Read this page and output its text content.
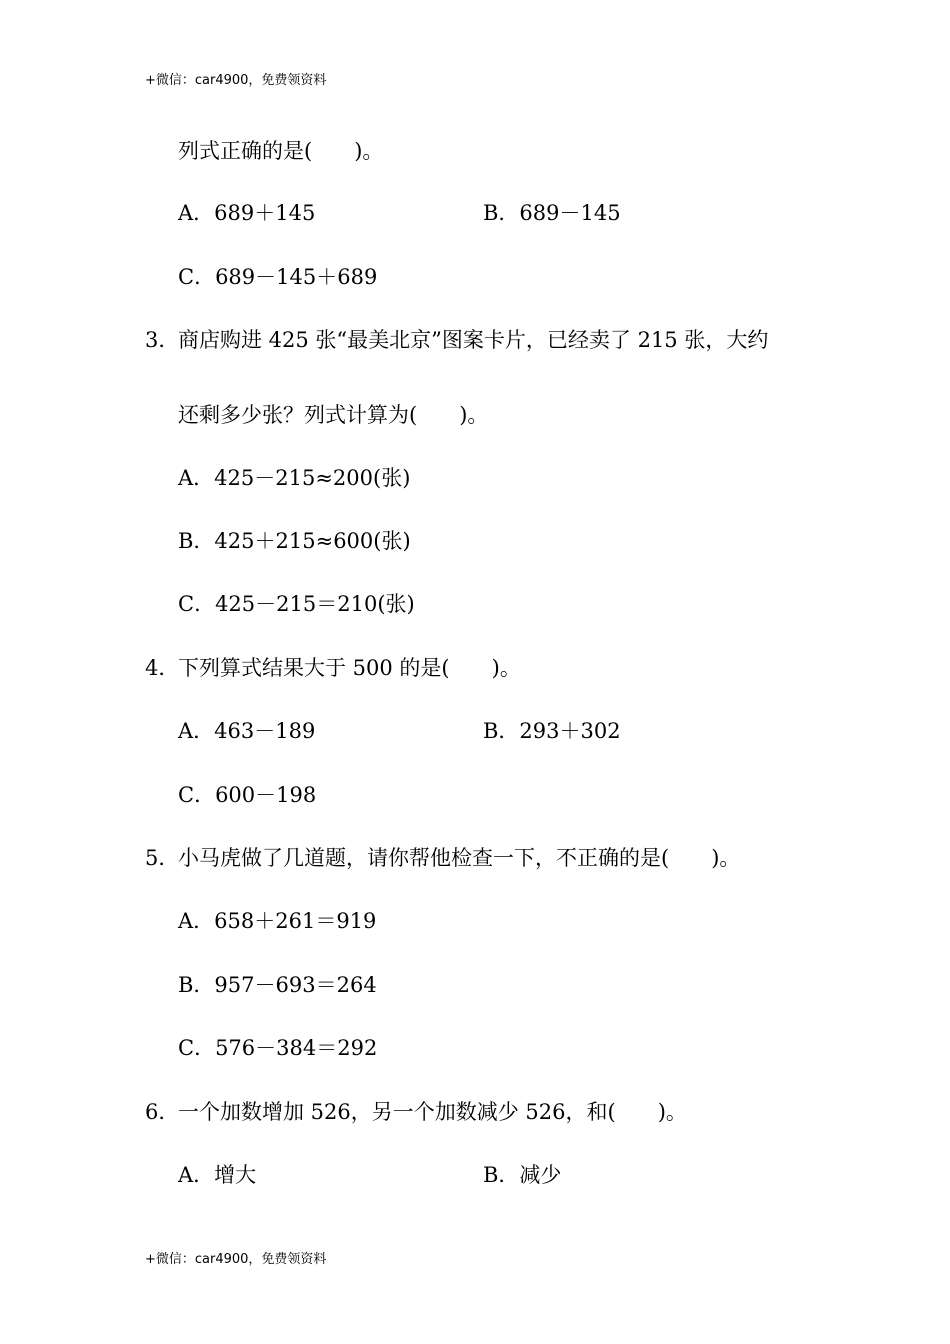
+微信：car4900，免费领资料
列式正确的是(　　)。
A．689＋145	B．689－145
C．689－145＋689
3．商店购进 425 张“最美北京”图案卡片，已经卖了 215 张，大约
还剩多少张？列式计算为(　　)。
A．425－215≈200(张)
B．425＋215≈600(张)
C．425－215＝210(张)
4．下列算式结果大于 500 的是(　　)。
A．463－189	B．293＋302
C．600－198
5．小马虎做了几道题，请你帮他检查一下，不正确的是(　　)。
A．658＋261＝919
B．957－693＝264
C．576－384＝292
6．一个加数增加 526，另一个加数减少 526，和(　　)。
A．增大	B．减少
+微信：car4900，免费领资料
